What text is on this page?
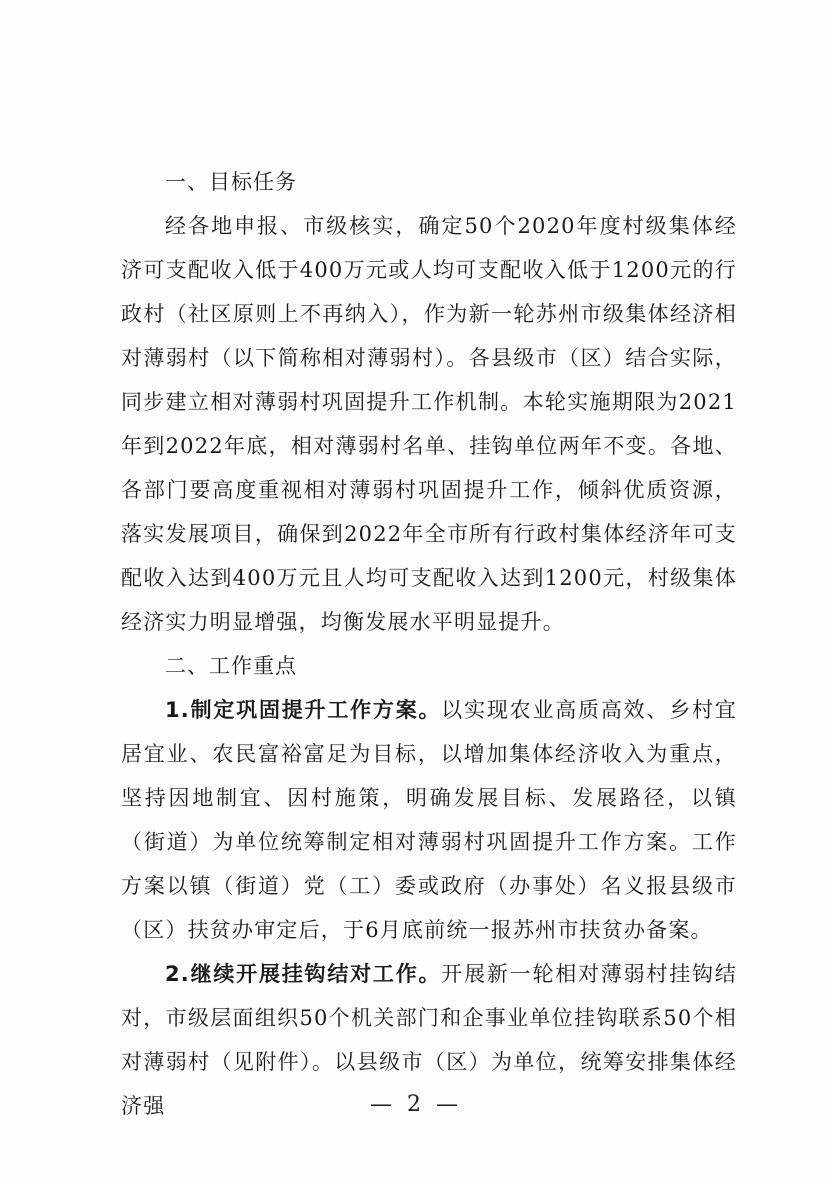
一、目标任务

经各地申报、市级核实，确定50个2020年度村级集体经济可支配收入低于400万元或人均可支配收入低于1200元的行政村（社区原则上不再纳入），作为新一轮苏州市级集体经济相对薄弱村（以下简称相对薄弱村）。各县级市（区）结合实际，同步建立相对薄弱村巩固提升工作机制。本轮实施期限为2021年到2022年底，相对薄弱村名单、挂钩单位两年不变。各地、各部门要高度重视相对薄弱村巩固提升工作，倾斜优质资源，落实发展项目，确保到2022年全市所有行政村集体经济年可支配收入达到400万元且人均可支配收入达到1200元，村级集体经济实力明显增强，均衡发展水平明显提升。

二、工作重点

1.制定巩固提升工作方案。以实现农业高质高效、乡村宜居宜业、农民富裕富足为目标，以增加集体经济收入为重点，坚持因地制宜、因村施策，明确发展目标、发展路径，以镇（街道）为单位统筹制定相对薄弱村巩固提升工作方案。工作方案以镇（街道）党（工）委或政府（办事处）名义报县级市（区）扶贫办审定后，于6月底前统一报苏州市扶贫办备案。

2.继续开展挂钩结对工作。开展新一轮相对薄弱村挂钩结对，市级层面组织50个机关部门和企事业单位挂钩联系50个相对薄弱村（见附件）。以县级市（区）为单位，统筹安排集体经济强	— 2 —
